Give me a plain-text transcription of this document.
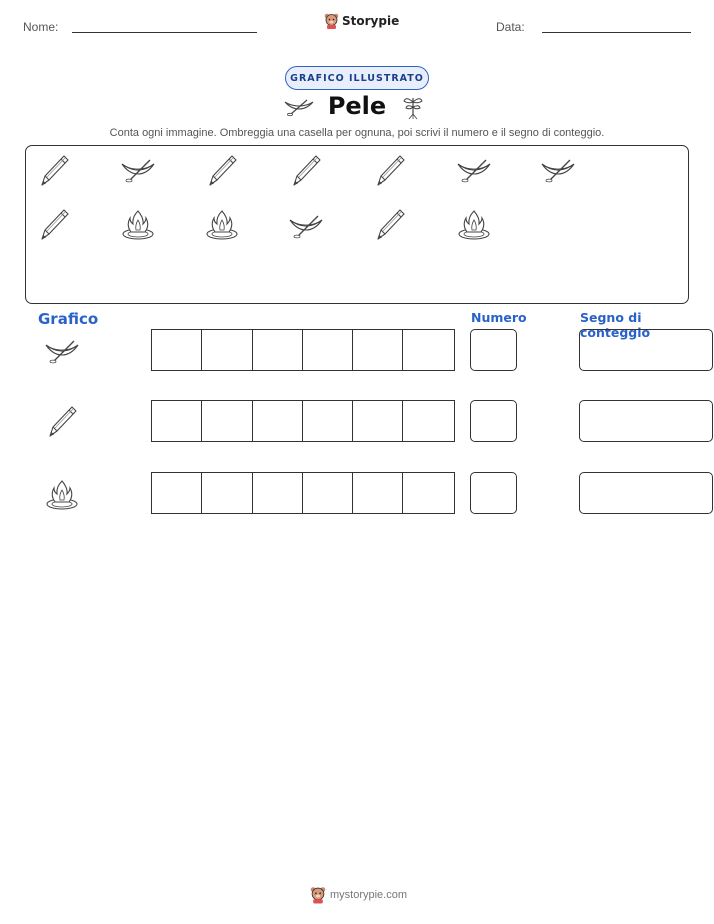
Nome:	Storypie	Data:
GRAFICO ILLUSTRATO
Pele
Conta ogni immagine. Ombreggia una casella per ognuna, poi scrivi il numero e il segno di conteggio.
Grafico	Numero	Segno di conteggio
mystorypie.com
